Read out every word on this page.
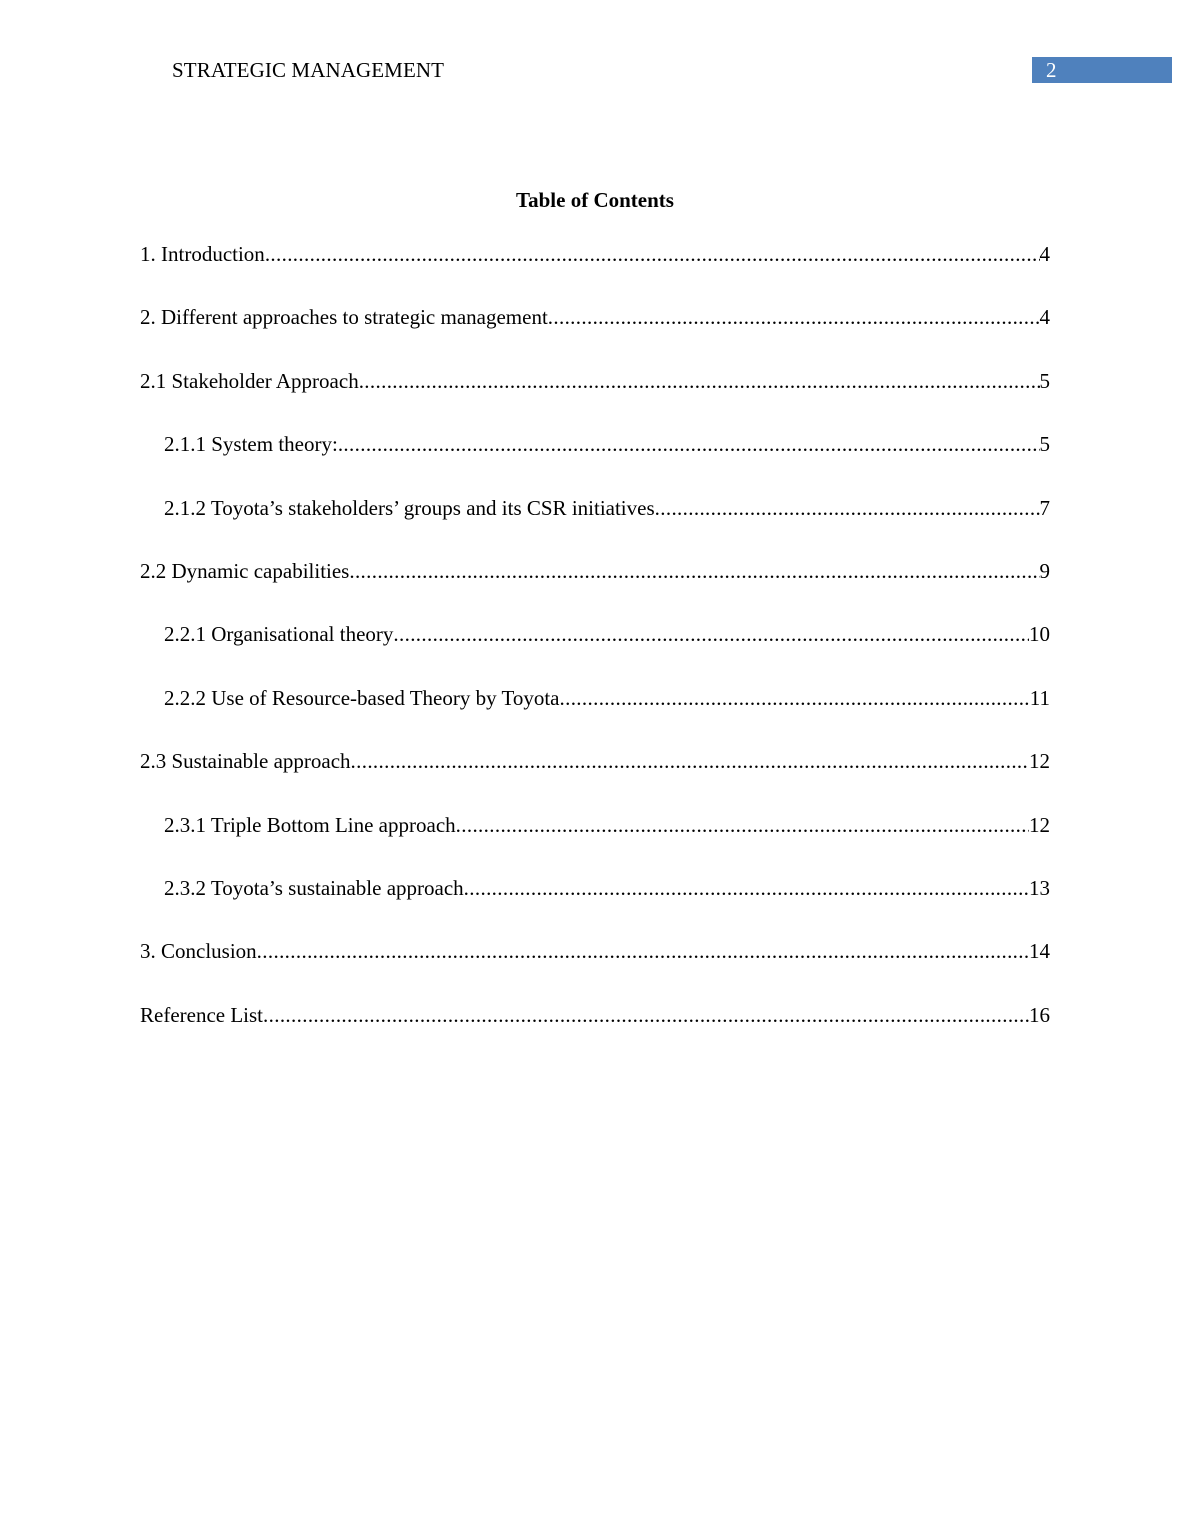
STRATEGIC MANAGEMENT	2
Table of Contents
1. Introduction .....	4
2. Different approaches to strategic management .....	4
2.1 Stakeholder Approach .....	5
2.1.1 System theory: .....	5
2.1.2 Toyota’s stakeholders’ groups and its CSR initiatives .....	7
2.2 Dynamic capabilities .....	9
2.2.1 Organisational theory .....	10
2.2.2 Use of Resource-based Theory by Toyota .....	11
2.3 Sustainable approach .....	12
2.3.1 Triple Bottom Line approach .....	12
2.3.2 Toyota’s sustainable approach .....	13
3. Conclusion .....	14
Reference List .....	16
